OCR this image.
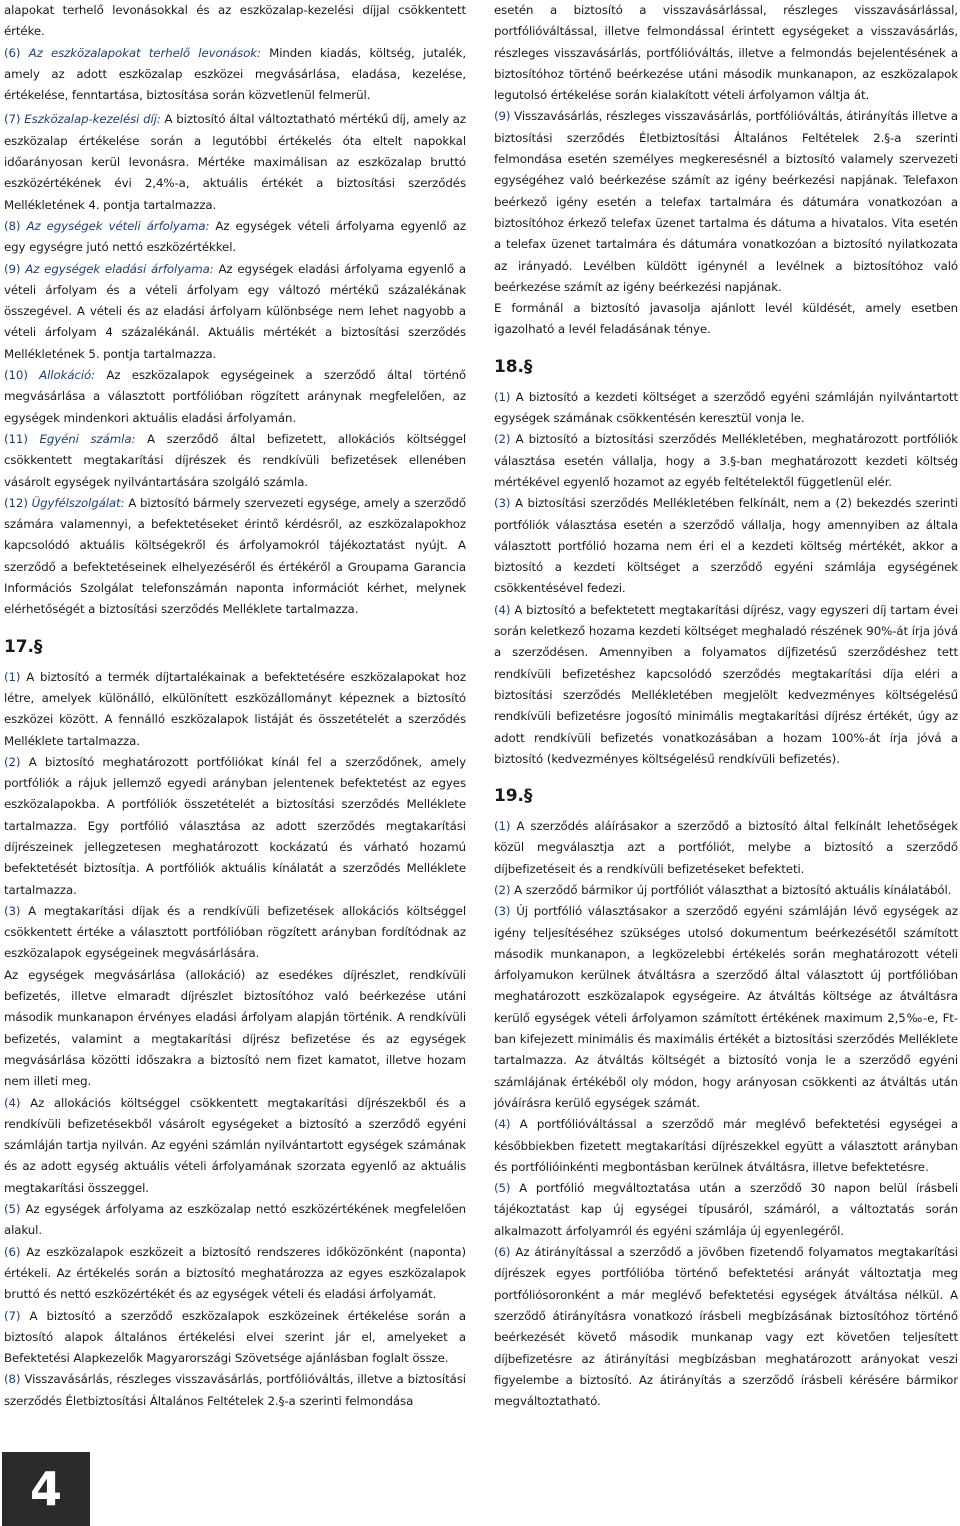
alapokat terhelő levonásokkal és az eszközalap-kezelési díjjal csökkentett értéke.

(6) Az eszközalapokat terhelő levonások: Minden kiadás, költség, jutalék, amely az adott eszközalap eszközei megvásárlása, eladása, kezelése, értékelése, fenntartása, biztosítása során közvetlenül felmerül.

(7) Eszközalap-kezelési díj: A biztosító által változtatható mértékű díj, amely az eszközalap értékelése során a legutóbbi értékelés óta eltelt napokkal időarányosan kerül levonásra. Mértéke maximálisan az eszközalap bruttó eszközértékének évi 2,4%-a, aktuális értékét a biztosítási szerződés Mellékletének 4. pontja tartalmazza.

(8) Az egységek vételi árfolyama: Az egységek vételi árfolyama egyenlő az egy egységre jutó nettó eszközértékkel.

(9) Az egységek eladási árfolyama: Az egységek eladási árfolyama egyenlő a vételi árfolyam és a vételi árfolyam egy változó mértékű százalékának összegével. A vételi és az eladási árfolyam különbsége nem lehet nagyobb a vételi árfolyam 4 százalékánál. Aktuális mértékét a biztosítási szerződés Mellékletének 5. pontja tartalmazza.

(10) Allokáció: Az eszközalapok egységeinek a szerződő által történő megvásárlása a választott portfólióban rögzített aránynak megfelelően, az egységek mindenkori aktuális eladási árfolyamán.

(11) Egyéni számla: A szerződő által befizetett, allokációs költséggel csökkentett megtakarítási díjrészek és rendkívüli befizetések ellenében vásárolt egységek nyilvántartására szolgáló számla.

(12) Ügyfélszolgálat: A biztosító bármely szervezeti egysége, amely a szerződő számára valamennyi, a befektetéseket érintő kérdésről, az eszközalapokhoz kapcsolódó aktuális költségekről és árfolyamokról tájékoztatást nyújt. A szerződő a befektetéseinek elhelyezéséről és értékéről a Groupama Garancia Információs Szolgálat telefonszámán naponta információt kérhet, melynek elérhetőségét a biztosítási szerződés Melléklete tartalmazza.

17.§

(1) A biztosító a termék díjtartalékainak a befektetésére eszközalapokat hoz létre, amelyek különálló, elkülönített eszközállományt képeznek a biztosító eszközei között. A fennálló eszközalapok listáját és összetételét a szerződés Melléklete tartalmazza.

(2) A biztosító meghatározott portfóliókat kínál fel a szerződőnek, amely portfóliók a rájuk jellemző egyedi arányban jelentenek befektetést az egyes eszközalapokba. A portfóliók összetételét a biztosítási szerződés Melléklete tartalmazza. Egy portfólió választása az adott szerződés megtakarítási díjrészeinek jellegzetesen meghatározott kockázatú és várható hozamú befektetését biztosítja. A portfóliók aktuális kínálatát a szerződés Melléklete tartalmazza.

(3) A megtakarítási díjak és a rendkívüli befizetések allokációs költséggel csökkentett értéke a választott portfólióban rögzített arányban fordítódnak az eszközalapok egységeinek megvásárlására.

Az egységek megvásárlása (allokáció) az esedékes díjrészlet, rendkívüli befizetés, illetve elmaradt díjrészlet biztosítóhoz való beérkezése utáni második munkanapon érvényes eladási árfolyam alapján történik. A rendkívüli befizetés, valamint a megtakarítási díjrész befizetése és az egységek megvásárlása közötti időszakra a biztosító nem fizet kamatot, illetve hozam nem illeti meg.

(4) Az allokációs költséggel csökkentett megtakarítási díjrészekből és a rendkívüli befizetésekből vásárolt egységeket a biztosító a szerződő egyéni számláján tartja nyilván. Az egyéni számlán nyilvántartott egységek számának és az adott egység aktuális vételi árfolyamának szorzata egyenlő az aktuális megtakarítási összeggel.

(5) Az egységek árfolyama az eszközalap nettó eszközértékének megfelelően alakul.

(6) Az eszközalapok eszközeit a biztosító rendszeres időközönként (naponta) értékeli. Az értékelés során a biztosító meghatározza az egyes eszközalapok bruttó és nettó eszközértékét és az egységek vételi és eladási árfolyamát.

(7) A biztosító a szerződő eszközalapok eszközeinek értékelése során a biztosító alapok általános értékelési elvei szerint jár el, amelyeket a Befektetési Alapkezelők Magyarországi Szövetsége ajánlásban foglalt össze.

(8) Visszavásárlás, részleges visszavásárlás, portfólióváltás, illetve a biztosítási szerződés Életbiztosítási Általános Feltételek 2.§-a szerinti felmondása

esetén a biztosító a visszavásárlással, részleges visszavásárlással, portfólióváltással, illetve felmondással érintett egységeket a visszavásárlás, részleges visszavásárlás, portfólióváltás, illetve a felmondás bejelentésének a biztosítóhoz történő beérkezése utáni második munkanapon, az eszközalapok legutolsó értékelése során kialakított vételi árfolyamon váltja át.

(9) Visszavásárlás, részleges visszavásárlás, portfólióváltás, átirányítás illetve a biztosítási szerződés Életbiztosítási Általános Feltételek 2.§-a szerinti felmondása esetén személyes megkeresésnél a biztosító valamely szervezeti egységéhez való beérkezése számít az igény beérkezési napjának. Telefaxon beérkező igény esetén a telefax tartalmára és dátumára vonatkozóan a biztosítóhoz érkező telefax üzenet tartalma és dátuma a hivatalos. Vita esetén a telefax üzenet tartalmára és dátumára vonatkozóan a biztosító nyilatkozata az irányadó. Levélben küldött igénynél a levélnek a biztosítóhoz való beérkezése számít az igény beérkezési napjának.

E formánál a biztosító javasolja ajánlott levél küldését, amely esetben igazolható a levél feladásának ténye.

18.§

(1) A biztosító a kezdeti költséget a szerződő egyéni számláján nyilvántartott egységek számának csökkentésén keresztül vonja le.

(2) A biztosító a biztosítási szerződés Mellékletében, meghatározott portfóliók választása esetén vállalja, hogy a 3.§-ban meghatározott kezdeti költség mértékével egyenlő hozamot az egyéb feltételektől függetlenül elér.

(3) A biztosítási szerződés Mellékletében felkínált, nem a (2) bekezdés szerinti portfóliók választása esetén a szerződő vállalja, hogy amennyiben az általa választott portfólió hozama nem éri el a kezdeti költség mértékét, akkor a biztosító a kezdeti költséget a szerződő egyéni számlája egységének csökkentésével fedezi.

(4) A biztosító a befektetett megtakarítási díjrész, vagy egyszeri díj tartam évei során keletkező hozama kezdeti költséget meghaladó részének 90%-át írja jóvá a szerződésen. Amennyiben a folyamatos díjfizetésű szerződéshez tett rendkívüli befizetéshez kapcsolódó szerződés megtakarítási díja eléri a biztosítási szerződés Mellékletében megjelölt kedvezményes költségelésű rendkívüli befizetésre jogosító minimális megtakarítási díjrész értékét, úgy az adott rendkívüli befizetés vonatkozásában a hozam 100%-át írja jóvá a biztosító (kedvezményes költségelésű rendkívüli befizetés).

19.§

(1) A szerződés aláírásakor a szerződő a biztosító által felkínált lehetőségek közül megválasztja azt a portfóliót, melybe a biztosító a szerződő díjbefizetéseit és a rendkívüli befizetéseket befekteti.

(2) A szerződő bármikor új portfóliót választhat a biztosító aktuális kínálatából.

(3) Új portfólió választásakor a szerződő egyéni számláján lévő egységek az igény teljesítéséhez szükséges utolsó dokumentum beérkezésétől számított második munkanapon, a legközelebbi értékelés során meghatározott vételi árfolyamukon kerülnek átváltásra a szerződő által választott új portfólióban meghatározott eszközalapok egységeire. Az átváltás költsége az átváltásra kerülő egységek vételi árfolyamon számított értékének maximum 2,5‰-e, Ft-ban kifejezett minimális és maximális értékét a biztosítási szerződés Melléklete tartalmazza. Az átváltás költségét a biztosító vonja le a szerződő egyéni számlájának értékéből oly módon, hogy arányosan csökkenti az átváltás után jóváírásra kerülő egységek számát.

(4) A portfólióváltással a szerződő már meglévő befektetési egységei a későbbiekben fizetett megtakarítási díjrészekkel együtt a választott arányban és portfólióinkénti megbontásban kerülnek átváltásra, illetve befektetésre.

(5) A portfólió megváltoztatása után a szerződő 30 napon belül írásbeli tájékoztatást kap új egységei típusáról, számáról, a változtatás során alkalmazott árfolyamról és egyéni számlája új egyenlegéről.

(6) Az átirányítással a szerződő a jövőben fizetendő folyamatos megtakarítási díjrészek egyes portfólióba történő befektetési arányát változtatja meg portfóliósoronként a már meglévő befektetési egységek átváltása nélkül. A szerződő átirányításra vonatkozó írásbeli megbízásának biztosítóhoz történő beérkezését követő második munkanap vagy ezt követően teljesített díjbefizetésre az átirányítási megbízásban meghatározott arányokat veszi figyelembe a biztosító. Az átirányítás a szerződő írásbeli kérésére bármikor megváltoztatható.

4
